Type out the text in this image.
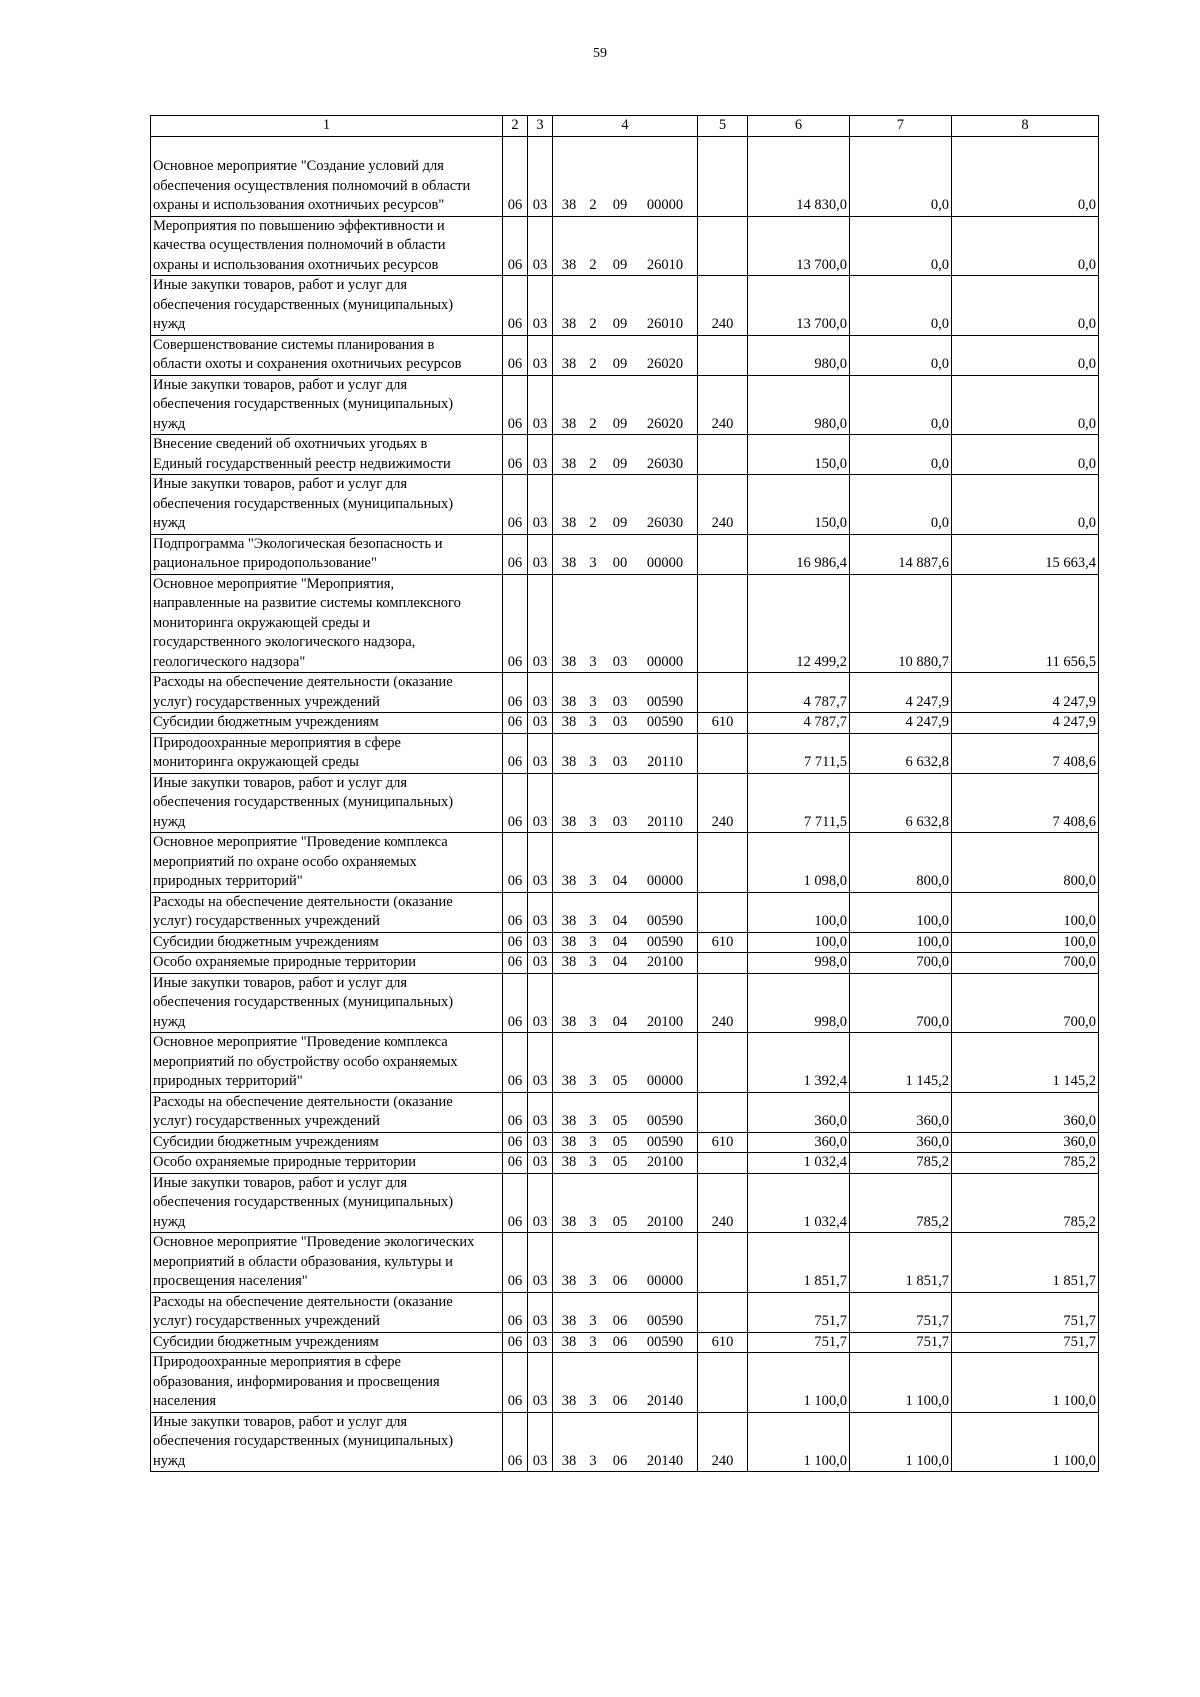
59
1	2	3	4	5	6	7	8
Основное мероприятие "Создание условий для
обеспечения осуществления полномочий в области
охраны и использования охотничьих ресурсов"	06	03	38 2 09 00000		14 830,0	0,0	0,0
Мероприятия по повышению эффективности и
качества осуществления полномочий в области
охраны и использования охотничьих ресурсов	06	03	38 2 09 26010		13 700,0	0,0	0,0
Иные закупки товаров, работ и услуг для
обеспечения государственных (муниципальных)
нужд	06	03	38 2 09 26010	240	13 700,0	0,0	0,0
Совершенствование системы планирования в
области охоты и сохранения охотничьих ресурсов	06	03	38 2 09 26020		980,0	0,0	0,0
Иные закупки товаров, работ и услуг для
обеспечения государственных (муниципальных)
нужд	06	03	38 2 09 26020	240	980,0	0,0	0,0
Внесение сведений об охотничьих угодьях в
Единый государственный реестр недвижимости	06	03	38 2 09 26030		150,0	0,0	0,0
Иные закупки товаров, работ и услуг для
обеспечения государственных (муниципальных)
нужд	06	03	38 2 09 26030	240	150,0	0,0	0,0
Подпрограмма "Экологическая безопасность и
рациональное природопользование"	06	03	38 3 00 00000		16 986,4	14 887,6	15 663,4
Основное мероприятие "Мероприятия,
направленные на развитие системы комплексного
мониторинга окружающей среды и
государственного экологического надзора,
геологического надзора"	06	03	38 3 03 00000		12 499,2	10 880,7	11 656,5
Расходы на обеспечение деятельности (оказание
услуг) государственных учреждений	06	03	38 3 03 00590		4 787,7	4 247,9	4 247,9
Субсидии бюджетным учреждениям	06	03	38 3 03 00590	610	4 787,7	4 247,9	4 247,9
Природоохранные мероприятия в сфере
мониторинга окружающей среды	06	03	38 3 03 20110		7 711,5	6 632,8	7 408,6
Иные закупки товаров, работ и услуг для
обеспечения государственных (муниципальных)
нужд	06	03	38 3 03 20110	240	7 711,5	6 632,8	7 408,6
Основное мероприятие "Проведение комплекса
мероприятий по охране особо охраняемых
природных территорий"	06	03	38 3 04 00000		1 098,0	800,0	800,0
Расходы на обеспечение деятельности (оказание
услуг) государственных учреждений	06	03	38 3 04 00590		100,0	100,0	100,0
Субсидии бюджетным учреждениям	06	03	38 3 04 00590	610	100,0	100,0	100,0
Особо охраняемые природные территории	06	03	38 3 04 20100		998,0	700,0	700,0
Иные закупки товаров, работ и услуг для
обеспечения государственных (муниципальных)
нужд	06	03	38 3 04 20100	240	998,0	700,0	700,0
Основное мероприятие "Проведение комплекса
мероприятий по обустройству особо охраняемых
природных территорий"	06	03	38 3 05 00000		1 392,4	1 145,2	1 145,2
Расходы на обеспечение деятельности (оказание
услуг) государственных учреждений	06	03	38 3 05 00590		360,0	360,0	360,0
Субсидии бюджетным учреждениям	06	03	38 3 05 00590	610	360,0	360,0	360,0
Особо охраняемые природные территории	06	03	38 3 05 20100		1 032,4	785,2	785,2
Иные закупки товаров, работ и услуг для
обеспечения государственных (муниципальных)
нужд	06	03	38 3 05 20100	240	1 032,4	785,2	785,2
Основное мероприятие "Проведение экологических
мероприятий в области образования, культуры и
просвещения населения"	06	03	38 3 06 00000		1 851,7	1 851,7	1 851,7
Расходы на обеспечение деятельности (оказание
услуг) государственных учреждений	06	03	38 3 06 00590		751,7	751,7	751,7
Субсидии бюджетным учреждениям	06	03	38 3 06 00590	610	751,7	751,7	751,7
Природоохранные мероприятия в сфере
образования, информирования и просвещения
населения	06	03	38 3 06 20140		1 100,0	1 100,0	1 100,0
Иные закупки товаров, работ и услуг для
обеспечения государственных (муниципальных)
нужд	06	03	38 3 06 20140	240	1 100,0	1 100,0	1 100,0
